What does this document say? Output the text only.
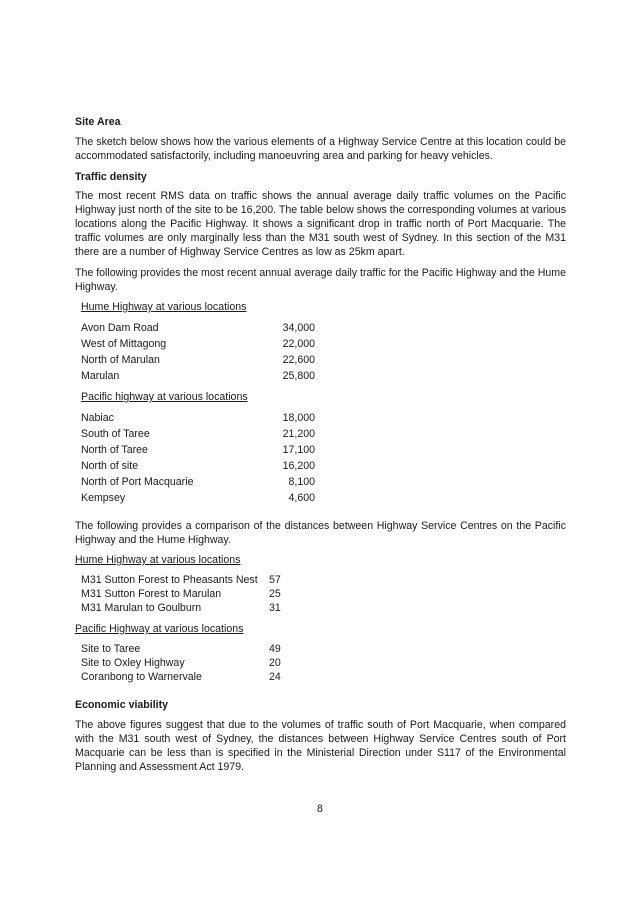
Site Area

The sketch below shows how the various elements of a Highway Service Centre at this location could be accommodated satisfactorily, including manoeuvring area and parking for heavy vehicles.

Traffic density

The most recent RMS data on traffic shows the annual average daily traffic volumes on the Pacific Highway just north of the site to be 16,200. The table below shows the corresponding volumes at various locations along the Pacific Highway. It shows a significant drop in traffic north of Port Macquarie. The traffic volumes are only marginally less than the M31 south west of Sydney. In this section of the M31 there are a number of Highway Service Centres as low as 25km apart.

The following provides the most recent annual average daily traffic for the Pacific Highway and the Hume Highway.

Hume Highway at various locations
Avon Dam Road	34,000
West of Mittagong	22,000
North of Marulan	22,600
Marulan	25,800
Pacific highway at various locations
Nabiac	18,000
South of Taree	21,200
North of Taree	17,100
North of site	16,200
North of Port Macquarie	8,100
Kempsey	4,600

The following provides a comparison of the distances between Highway Service Centres on the Pacific Highway and the Hume Highway.

Hume Highway at various locations
M31 Sutton Forest to Pheasants Nest 57
M31 Sutton Forest to Marulan	25
M31 Marulan to Goulburn	31
Pacific Highway at various locations
Site to Taree	49
Site to Oxley Highway	20
Coranbong to Warnervale	24
Economic viability

The above figures suggest that due to the volumes of traffic south of Port Macquarie, when compared with the M31 south west of Sydney, the distances between Highway Service Centres south of Port Macquarie can be less than is specified in the Ministerial Direction under S117 of the Environmental Planning and Assessment Act 1979.

8
